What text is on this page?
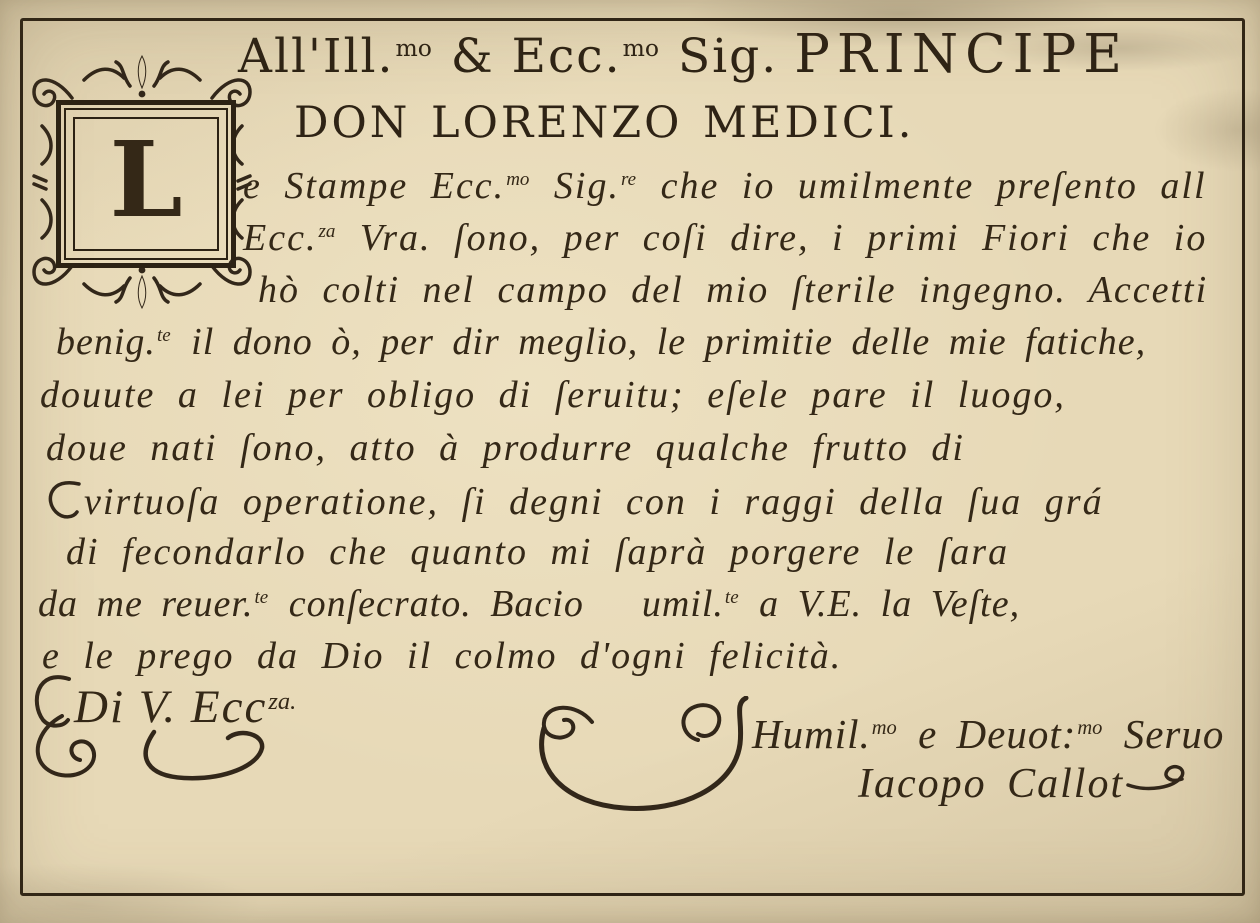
L
All'Ill.$^{mo}$ & Ecc.$^{mo}$ Sig. PRINCIPE
DON LORENZO MEDICI.
e Stampe Ecc.$^{mo}$ Sig.$^{re}$ che io umilmente preſento all
Ecc.$^{za}$ Vra. ſono, per coſi dire, i primi Fiori che io
hò colti nel campo del mio ſterile ingegno. Accetti
benig.$^{te}$ il dono ò, per dir meglio, le primitie delle mie fatiche,
douute a lei per obligo di ſeruitu; eſele pare il luogo,
doue nati ſono, atto à produrre qualche frutto di
virtuoſa operatione, ſi degni con i raggi della ſua grá
di fecondarlo che quanto mi ſaprà porgere le ſara
da me reuer.$^{te}$ conſecrato. Bacio umil.$^{te}$ a V.E. la Veſte,
e le prego da Dio il colmo d'ogni felicità.
Di V. Ecc$^{za.}$
Humil.$^{mo}$ e Deuot:$^{mo}$ Seruo
Iacopo Callot
